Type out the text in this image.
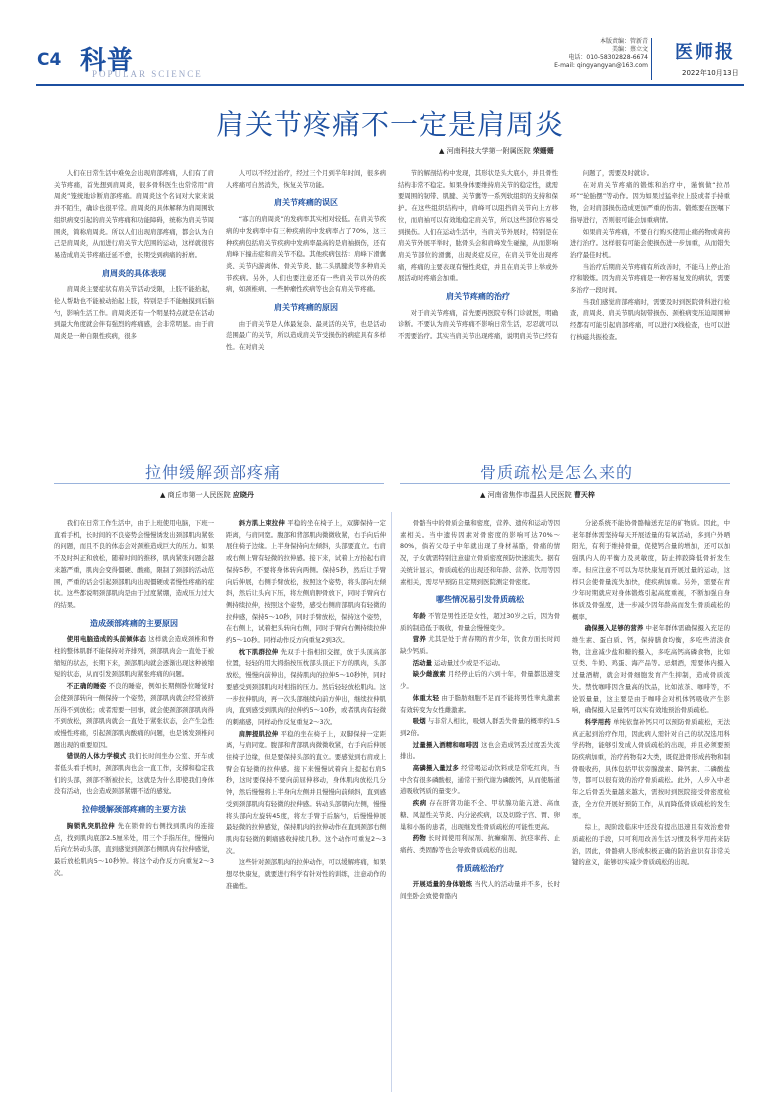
C4 科普
POPULAR SCIENCE
本版责编：管新青
美编：蔡立文
电话：010-58302828-6674
E-mail: qingyangyan@163.com
医师报
2022年10月13日
肩关节疼痛不一定是肩周炎
▲ 河南科技大学第一附属医院 荣姗姗

人们在日常生活中难免会出现肩部疼痛，人们有了肩关节疼痛，首先想到肩周炎，很多骨科医生也常常用“肩周炎”笼统地诊断肩部疼痛。肩周炎这个名词对大家来说并不陌生，确诊也很平常。肩周炎的具体解释为肩周围软组织病变引起的肩关节疼痛和功能障碍，统称为肩关节周围炎，简称肩周炎。所以人们出现肩部疼痛，都会认为自己是肩周炎，从而进行肩关节大范围的运动，这样就很容易造成肩关节疼痛迁延不愈，长期受到病痛的折磨。

肩周炎的具体表现

肩周炎主要症状有肩关节活动受限，上肢不能抬起，伦人帮助也不能被动抬起上肢，特别是手不能触摸到后脑勺，影响生活工作。肩周炎还有一个明显特点就是在活动到最大角度就会伴有强烈的疼痛感，会非常明显。由于肩周炎是一种自限性疾病，很多

人可以不经过治疗，经过三个月到半年时间，很多病人疼痛可自然消失，恢复关节功能。

肩关节疼痛的误区

“寡言的肩周炎”的发病率其实相对较低。在肩关节疾病的中发病率中有三种疾病的中发病率占了70%，这三种疾病包括肩关节疾病中发病率最高的是肩袖损伤，还有肩峰下撞击症和肩关节不稳。其他疾病包括：肩峰下滑囊炎、关节内游离体、骨关节炎、肱二头肌腱炎等多种肩关节疾病。另外，人们也要注意还有一些肩关节以外的疾病，如颈椎病、一些肿瘤性疾病等也会有肩关节疼痛。

肩关节疼痛的原因

由于肩关节是人体最复杂、最灵活的关节，也是活动范围最广的关节，所以造成肩关节受损伤的病症具有多样性。在对肩关

节的解剖结构中发现，其形状是头大底小，并且骨性结构非常不稳定。如果身体要维持肩关节的稳定性，就需要周围的韧带、肌腱、关节囊等一系列软组织的支持和保护。在这些组织结构中，肩峰可以阻挡肩关节向上方移位，而肩袖可以有效地稳定肩关节，所以这些部位容易受到损伤。人们在运动生活中，当肩关节外展时，特别是在肩关节外展平举时，肱骨头会和肩峰发生碰撞，从而影响肩关节部位的滑囊，出现炎症反应，在肩关节处出现疼痛，疼痛的主要表现有慢性炎症，并且在肩关节上举或外展活动时疼痛会加重。

肩关节疼痛的治疗

对于肩关节疼痛，首先要再医院专科门诊就医，明确诊断。不要认为肩关节疼痛不影响日常生活，忍忍就可以不需要治疗。其实当肩关节出现疼痛，说明肩关节已经有

问题了，需要及时就诊。

在对肩关节疼痛的锻炼和治疗中，谨慎做“拉吊环”“轮胎摆”等动作。因为如果过猛牵拉上肢或者手持重物，会对肩部损伤造成更加严重的伤害。锻炼要在医嘱下指导进行，否则很可能会加重病情。

如果肩关节疼痛，不要自行购买使用止痛药物或膏药进行治疗。这样很有可能会使损伤进一步加重，从而错失治疗最佳时机。

当治疗后期肩关节疼痛有所改善时，不能马上停止治疗和锻炼。因为肩关节疼痛是一种容易复发的病状，需要多治疗一段时间。

当我们感觉肩部疼痛时，需要及时到医院骨科进行检查，肩周炎、肩关节肌肉韧带损伤、颈椎病变压迫周围神经都有可能引起肩部疼痛，可以进行X线检查，也可以进行核磁共振检查。

拉伸缓解颈部疼痛
▲ 商丘市第一人民医院 应晓丹
骨质疏松是怎么来的
▲ 河南省焦作市温县人民医院 曹天梓

我们在日常工作生活中，由于上班使用电脑，下班一直看手机，长时间的不良姿势会慢慢诱发出颈部肌肉紧张的问题，而且不良的体态会对颈椎造成巨大的压力。如果不及时纠正和放松，随着时间的推移，肌肉紧张问题会越来越严重，肌肉会变得僵硬、酸痛，限制了颈部的活动范围，严重的话会引起颈部肌肉出现僵硬或者慢性疼痛的症状。这些都说明颈部肌肉是由于过度紧绷，造成压力过大的结果。

造成颈部疼痛的主要原因

使用电脑造成的头前倾体态 这样就会造成颈椎和脊柱的整体肌群不能保持对齐排列，颈部肌肉会一直处于被缩短的状态，长期下来，颈部肌肉就会逐渐出现这种被缩短的状态，从而引发颈部肌肉紧张疼痛的问题。

不正确的睡姿 不良的睡姿，例如长期侧卧位睡觉时会使颈部转向一侧保持一个姿势，颈部肌肉就会经常被挤压得不到放松；或者需要一回事，就会使颈部颈部肌肉得不到放松，颈部肌肉就会一直处于紧张状态，会产生急性或慢性疼痛，引起颈部肌肉酸痛的问题，也是诱发颈椎问题出现的重要原因。

错误的人体力学模式 我们长时间坐办公室、开车或者低头看手机时，颈部肌肉也会一直工作，支撑和稳定我们的头部，颈部不断被拉长，这就是为什么即使我们身体没有活动，也会造成颈部紧绷不适的感觉。

拉伸缓解颈部疼痛的主要方法

胸锁乳突肌拉伸 先在锁骨的右侧找到肌肉的连接点，找到肌肉底部2.5厘米处，用三个手指压住，慢慢向后向左转动头部，直到感觉到颈部右侧肌肉有拉伸感觉，最后放松肌肉5～10秒钟。将这个动作反方向重复2～3次。

斜方肌上束拉伸 平稳的坐在椅子上，双脚保持一定距离，与肩同宽。腹部和背部肌肉微微收紧，右手向后伸展住椅子边缘。上半身保持向左倾斜，头部要直立。右肩或右侧上臂有轻微的拉伸感。接下来，试着上方抬起右肩保持5秒，不要将身体转向两侧。保持5秒，然后让手臂向后伸展，右侧手臂放松，按照这个姿势，将头部向左倾斜，然后让头向下压，将左侧肩胛骨放下，同时手臂向右侧持续拉伸，按照这个姿势，感受右侧肩部肌肉有轻微的拉伸感，保持5～10秒，同时手臂放松，保持这个姿势，在右侧上，试着把头转向右侧，同时手臂向右侧持续拉伸约5～10秒。同样动作反方向重复2到3次。

枕下肌群拉伸 先双手十指相扣交握，放于头顶高部位置，轻轻的用大拇指按压枕部头顶正下方的肌肉，头部放松，慢慢向前伸出，保持肌肉的拉伸5～10秒钟，同时要感受到颈部肌肉对相指的压力。然后轻轻放松肌肉。这一步拉伸肌肉，再一次头部继续向前方伸出，继续拉伸肌肉，直到感受到肌肉的拉伸约5～10秒，或者肌肉有轻微的刺痛感，同样动作反复重复2～3次。

肩胛提肌拉伸 平稳的坐在椅子上，双脚保持一定距离，与肩同宽。腹部和背部肌肉微微收紧，右手向后伸展住椅子边缘，但是要保持头部的直立。要感觉到右肩或上臂会有轻微的拉伸感。接下来慢慢试着向上提起右肩5秒，这时要保持不要向前屈伸移动，身体肌肉放松几分钟，然后慢慢将上半身向左侧并且慢慢向前倾斜，直到感受到颈部肌肉有轻微的拉伸感。转动头部朝向左侧，慢慢将头部向左旋转45度，将左手臂于后脑勺，后慢慢伸展最轻微的拉伸感觉，保持肌肉的拉伸动作在直到颈部右侧肌肉有轻微的刺痛感收持续几秒。这个动作可重复2～3次。

这些针对颈部肌肉的拉伸动作，可以缓解疼痛，如果想尽快康复，就要进行科学有针对性的训练，注意动作的准确性。

骨骼当中的骨质会量和密度，营养、遗传和运动等因素相关。当中遗传因素对骨密度的影响可达70%～80%，倘若父母子中年就出现了身材基骼，骨痛的情况，子女就需特别注意建立骨质密度预防快速流失。据有关统计显示，骨质疏松的出现还和年龄、营养、饮用等因素相关，需尽早预防且定期到医院测定骨密度。

哪些情况易引发骨质疏松

年龄 不管是男性还是女性，超过30岁之后，因为骨质的制造低于吸收，骨量会慢慢变少。

营养 尤其是处于青春期的青少年，饮食方面长时间缺少钙质。

活动量 运动量过少或是不运动。

缺少雌激素 月经停止后的六到十年，骨量都迅速变少。

体重太轻 由于脂肪细胞不足而不能将男性睾丸激素有效转变为女性雌激素。

吸烟 与非常人相比，吸烟人群丢失骨量的概率约1.5到2倍。

过量摄入酒精和咖啡因 这也会造成钙丢过度丢失流排出。

高磷摄入量过多 经常喝运动饮料或是常吃红肉，当中含有很多磷酸根，通常干预代谢为磷酸钙，从而使肠道道吸收钙质的量变少。

疾病 存在肝肾功能不全、甲状腺功能亢进、高血糖、风湿性关节炎、内分泌疾病，以及切除子宫、胃、卵巢和小肠的患者，出现继发性骨质疏松的可能性更高。

药物 长时间使用利尿剂、抗癫痫剂、抗痉挛药、止痛药、类固醇等也会导致骨质疏松的出现。

骨质疏松治疗

开展适量的身体锻炼 当代人的活动量并不多，长时间坐卧会致使骨骼内

分泌系统不能协骨骼輸送充足的矿物质。因此，中老年群体需坚持每天开展适量的有氧活动，多到户外晒阳光，有利于维持骨量，促使钙合量的增加，还可以加强肌内人的平衡力及灵敏度，防止摔跤降低骨折发生率。但应注意不可以为尽快康复而开展过量的运动，这样只会使骨量流失加快，使疾病加重。另外，需要在青少年时期就应对身体锻炼引起高度重视，不断加强自身体质及骨强度，进一步减少因年龄高而发生骨质疏松的概率。

确保摄入足够的营养 中老年群体需确保摄入充足的维生素、蛋白质、钙，保持膳食均衡，多吃些清淡食物，注意减少盐和糖的摄入，多吃高钙高磷食物，比如豆类、牛奶、鸡蛋、海产品等。忌烟酒，需要体内摄入过量酒精，就会对骨细胞发育产生抑制，造成骨质流失。禁忱咖啡因含量高的饮品，比如浓茶、咖啡等，不论饭量量，这主要是由于咖啡会对机体钙吸收产生影响，确保摄入足量钙可以实有效地预治骨质疏松。

科学用药 单纯依靠补钙只可以预防骨质疏松，无法真正起到治疗作用，因此病人需针对自己的状况选用科学药物，能够引发成人骨质疏松的出现，并且必须要预防疾病加重，治疗药物有2大类，既促进骨形成药物和制骨吸收药，具体包括甲状旁腺激素、降钙素、二磷酸盐等，都可以很有效的治疗骨质疏松。此外，人步入中老年之后骨丢失量越来越大，需按时到医院接受骨密度检查，全方位开展好预防工作，从而降低骨质疏松的发生率。

综上，现阶段临床中还没有提出迅速且有效治愈骨质疏松的手段，只可利用改善生活习惯及科学用药来防治，因此，骨骼病人形成积极正确的防治意识有非常关键的意义，能够切实减少骨质疏松的出现。
